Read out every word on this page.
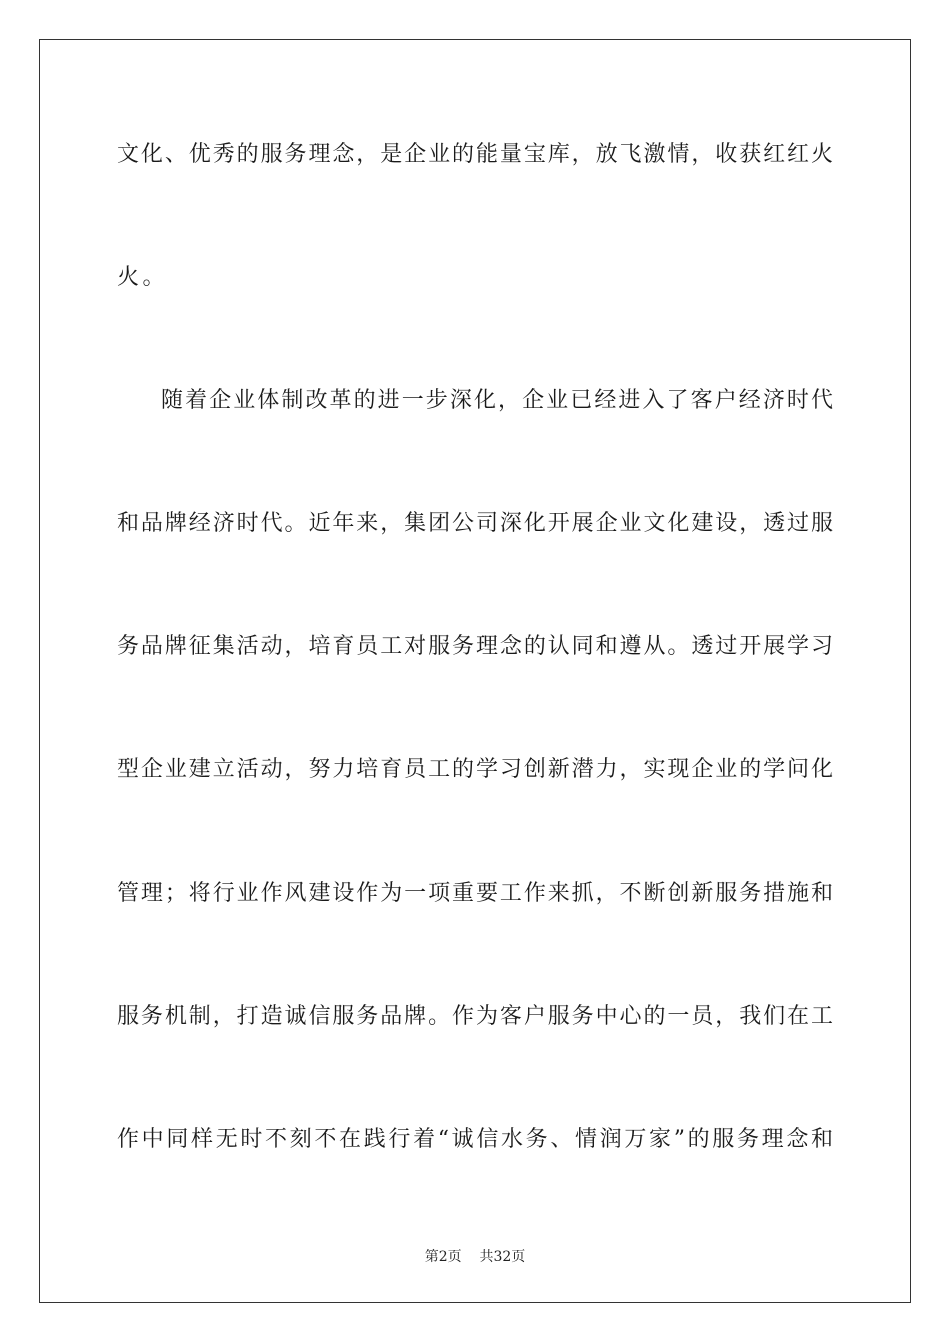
文化、优秀的服务理念，是企业的能量宝库，放飞激情，收获红红火
火。
随着企业体制改革的进一步深化，企业已经进入了客户经济时代
和品牌经济时代。近年来，集团公司深化开展企业文化建设，透过服
务品牌征集活动，培育员工对服务理念的认同和遵从。透过开展学习
型企业建立活动，努力培育员工的学习创新潜力，实现企业的学问化
管理；将行业作风建设作为一项重要工作来抓，不断创新服务措施和
服务机制，打造诚信服务品牌。作为客户服务中心的一员，我们在工
作中同样无时不刻不在践行着“诚信水务、情润万家”的服务理念和
第2页 共32页
